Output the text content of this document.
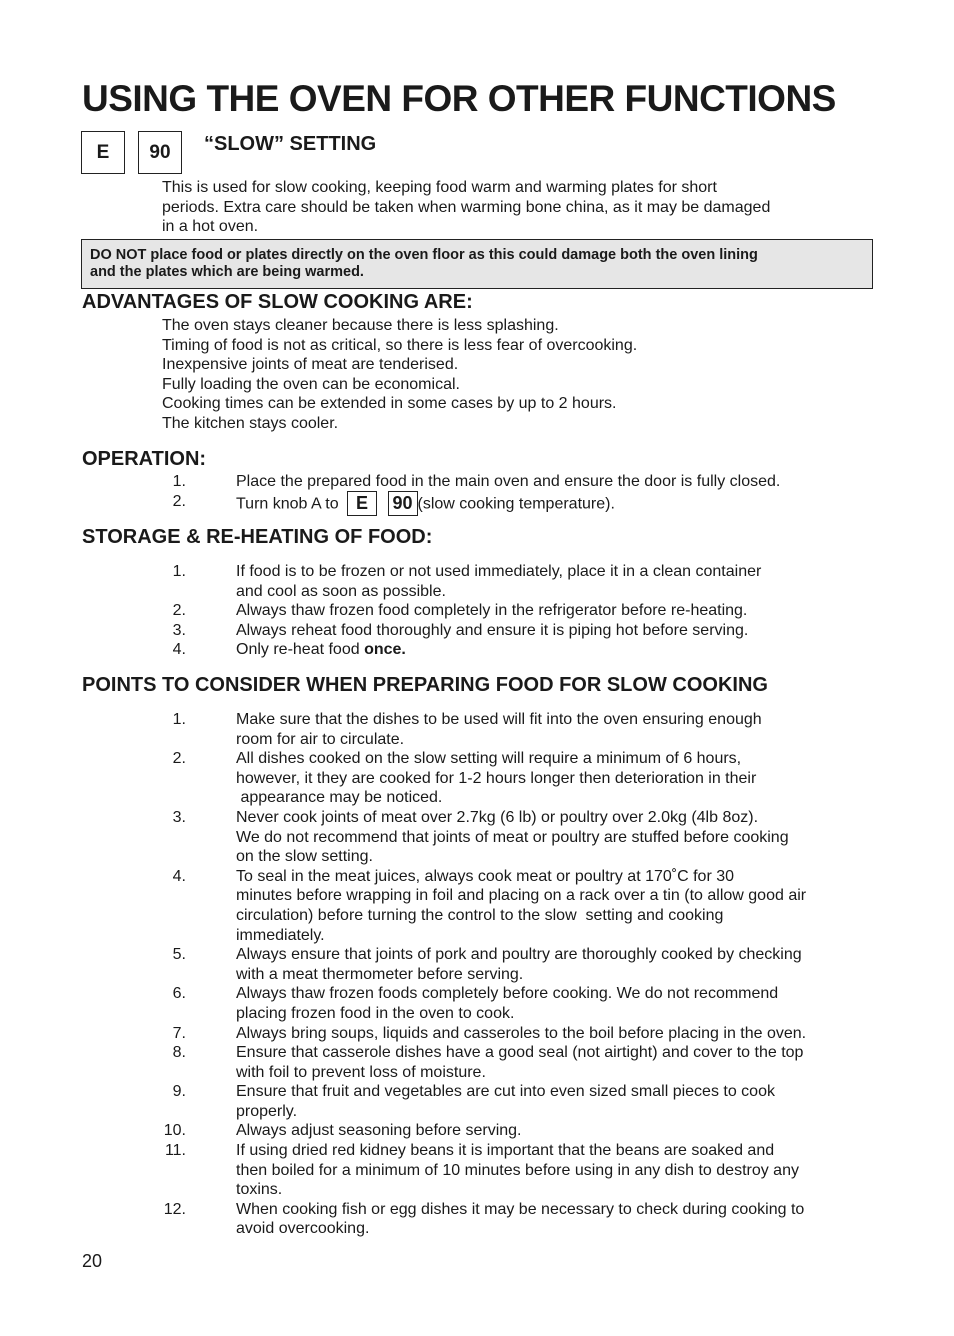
USING THE OVEN FOR OTHER FUNCTIONS
E	90	“SLOW” SETTING
This is used for slow cooking, keeping food warm and warming plates for short
periods. Extra care should be taken when warming bone china, as it may be damaged
in a hot oven.
DO NOT place food or plates directly on the oven floor as this could damage both the oven lining
and the plates which are being warmed.
ADVANTAGES OF SLOW COOKING ARE:
The oven stays cleaner because there is less splashing.
Timing of food is not as critical, so there is less fear of overcooking.
Inexpensive joints of meat are tenderised.
Fully loading the oven can be economical.
Cooking times can be extended in some cases by up to 2 hours.
The kitchen stays cooler.
OPERATION:
1.	Place the prepared food in the main oven and ensure the door is fully closed.
2.	Turn knob A to E 90 (slow cooking temperature).
STORAGE & RE-HEATING OF FOOD:
1.	If food is to be frozen or not used immediately, place it in a clean container
and cool as soon as possible.
2.	Always thaw frozen food completely in the refrigerator before re-heating.
3.	Always reheat food thoroughly and ensure it is piping hot before serving.
4.	Only re-heat food once.
POINTS TO CONSIDER WHEN PREPARING FOOD FOR SLOW COOKING
1.	Make sure that the dishes to be used will fit into the oven ensuring enough
room for air to circulate.
2.	All dishes cooked on the slow setting will require a minimum of 6 hours,
however, it they are cooked for 1-2 hours longer then deterioration in their
appearance may be noticed.
3.	Never cook joints of meat over 2.7kg (6 lb) or poultry over 2.0kg (4lb 8oz).
We do not recommend that joints of meat or poultry are stuffed before cooking
on the slow setting.
4.	To seal in the meat juices, always cook meat or poultry at 170˚C for 30
minutes before wrapping in foil and placing on a rack over a tin (to allow good air
circulation) before turning the control to the slow  setting and cooking
immediately.
5.	Always ensure that joints of pork and poultry are thoroughly cooked by checking
with a meat thermometer before serving.
6.	Always thaw frozen foods completely before cooking. We do not recommend
placing frozen food in the oven to cook.
7.	Always bring soups, liquids and casseroles to the boil before placing in the oven.
8.	Ensure that casserole dishes have a good seal (not airtight) and cover to the top
with foil to prevent loss of moisture.
9.	Ensure that fruit and vegetables are cut into even sized small pieces to cook
properly.
10.	Always adjust seasoning before serving.
11.	If using dried red kidney beans it is important that the beans are soaked and
then boiled for a minimum of 10 minutes before using in any dish to destroy any
toxins.
12.	When cooking fish or egg dishes it may be necessary to check during cooking to
avoid overcooking.
20
